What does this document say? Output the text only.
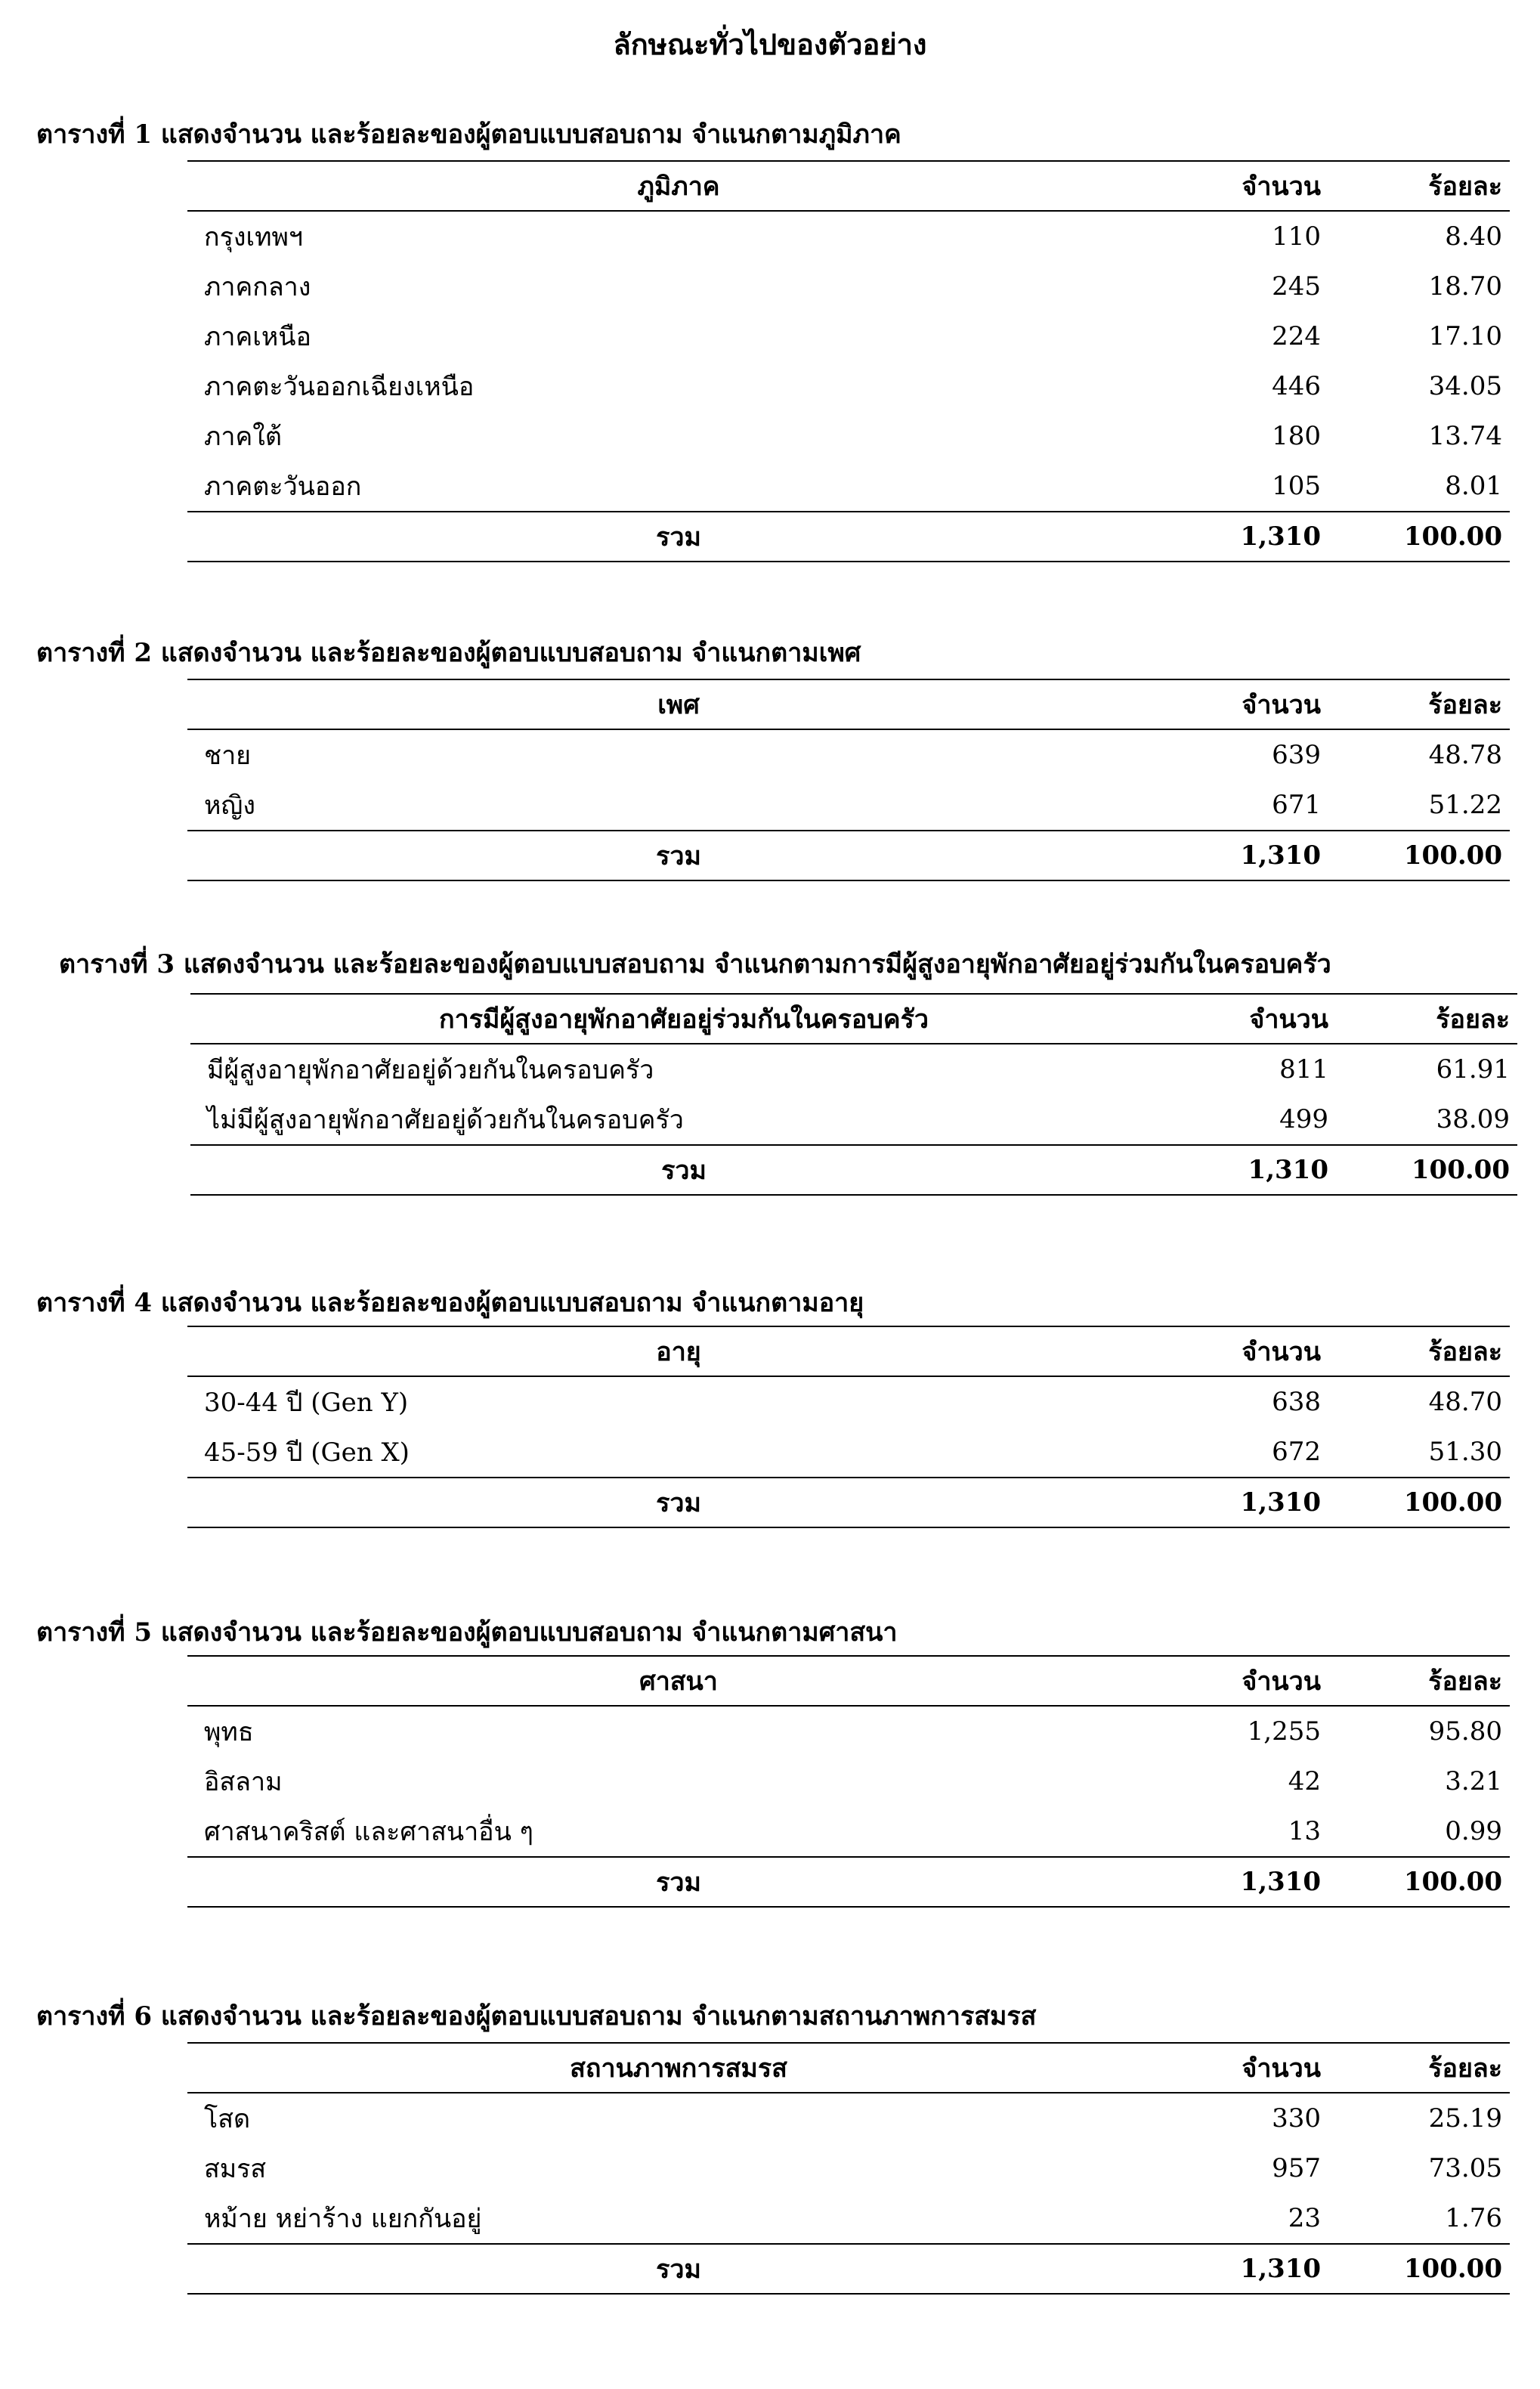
ลักษณะทั่วไปของตัวอย่าง
ตารางที่ 1 แสดงจำนวน และร้อยละของผู้ตอบแบบสอบถาม จำแนกตามภูมิภาค
ภูมิภาค	จำนวน	ร้อยละ
กรุงเทพฯ	110	8.40
ภาคกลาง	245	18.70
ภาคเหนือ	224	17.10
ภาคตะวันออกเฉียงเหนือ	446	34.05
ภาคใต้	180	13.74
ภาคตะวันออก	105	8.01
รวม	1,310	100.00
ตารางที่ 2 แสดงจำนวน และร้อยละของผู้ตอบแบบสอบถาม จำแนกตามเพศ
เพศ	จำนวน	ร้อยละ
ชาย	639	48.78
หญิง	671	51.22
รวม	1,310	100.00
ตารางที่ 3 แสดงจำนวน และร้อยละของผู้ตอบแบบสอบถาม จำแนกตามการมีผู้สูงอายุพักอาศัยอยู่ร่วมกันในครอบครัว
การมีผู้สูงอายุพักอาศัยอยู่ร่วมกันในครอบครัว	จำนวน	ร้อยละ
มีผู้สูงอายุพักอาศัยอยู่ด้วยกันในครอบครัว	811	61.91
ไม่มีผู้สูงอายุพักอาศัยอยู่ด้วยกันในครอบครัว	499	38.09
รวม	1,310	100.00
ตารางที่ 4 แสดงจำนวน และร้อยละของผู้ตอบแบบสอบถาม จำแนกตามอายุ
อายุ	จำนวน	ร้อยละ
30-44 ปี (Gen Y)	638	48.70
45-59 ปี (Gen X)	672	51.30
รวม	1,310	100.00
ตารางที่ 5 แสดงจำนวน และร้อยละของผู้ตอบแบบสอบถาม จำแนกตามศาสนา
ศาสนา	จำนวน	ร้อยละ
พุทธ	1,255	95.80
อิสลาม	42	3.21
ศาสนาคริสต์ และศาสนาอื่น ๆ	13	0.99
รวม	1,310	100.00
ตารางที่ 6 แสดงจำนวน และร้อยละของผู้ตอบแบบสอบถาม จำแนกตามสถานภาพการสมรส
สถานภาพการสมรส	จำนวน	ร้อยละ
โสด	330	25.19
สมรส	957	73.05
หม้าย หย่าร้าง แยกกันอยู่	23	1.76
รวม	1,310	100.00
